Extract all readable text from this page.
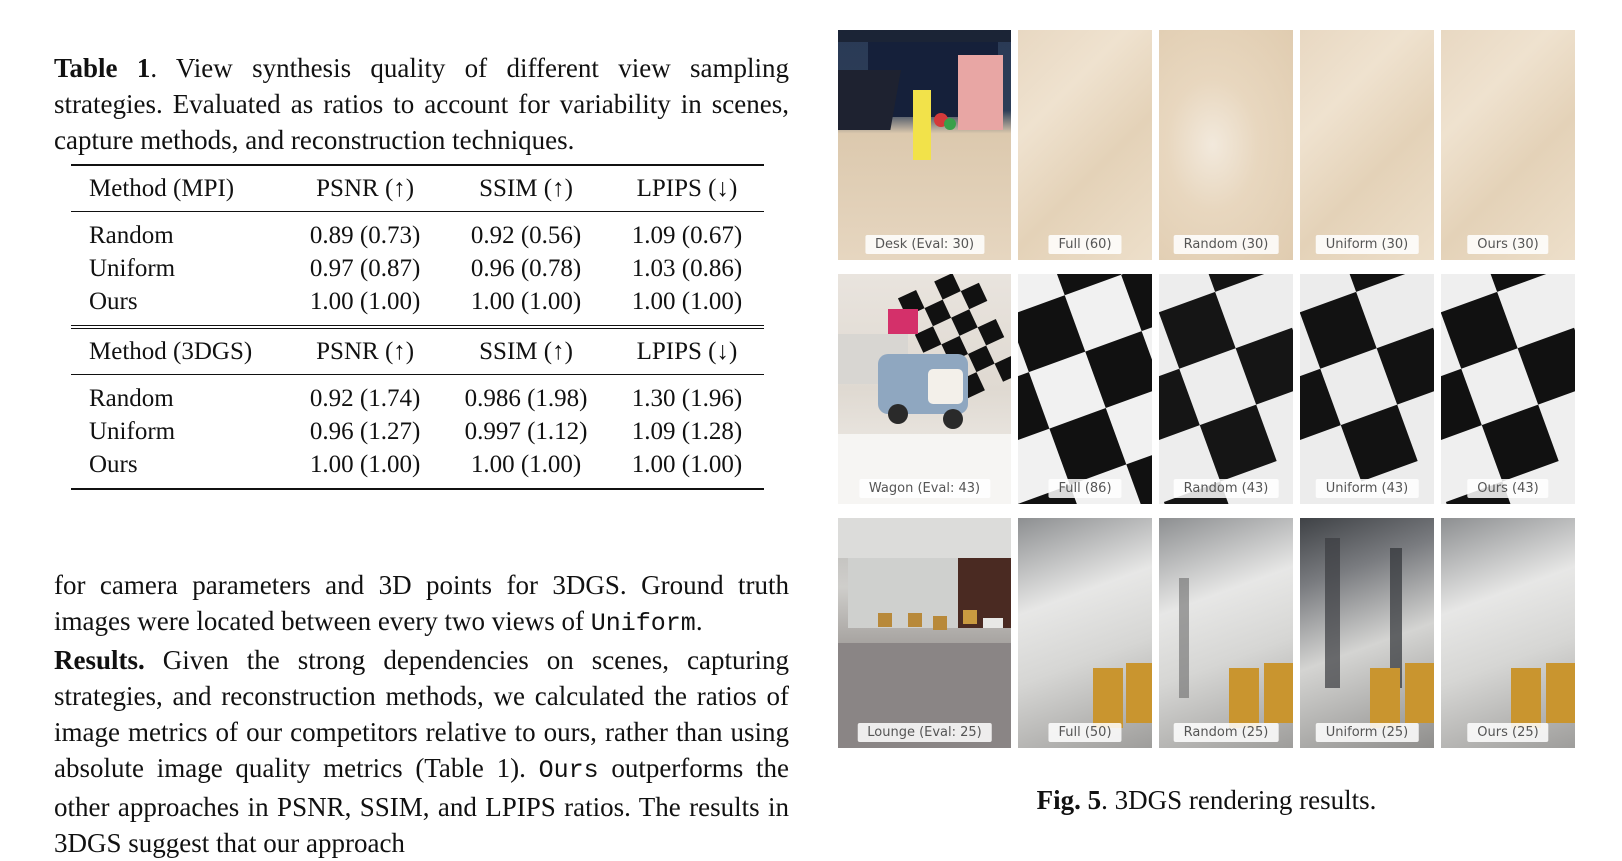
Table 1. View synthesis quality of different view sampling strategies. Evaluated as ratios to account for variability in scenes, capture methods, and reconstruction techniques.

Method (MPI)	PSNR (↑)	SSIM (↑)	LPIPS (↓)

Random	0.89 (0.73)	0.92 (0.56)	1.09 (0.67)
Uniform	0.97 (0.87)	0.96 (0.78)	1.03 (0.86)
Ours	1.00 (1.00)	1.00 (1.00)	1.00 (1.00)

Method (3DGS)	PSNR (↑)	SSIM (↑)	LPIPS (↓)

Random	0.92 (1.74)	0.986 (1.98)	1.30 (1.96)
Uniform	0.96 (1.27)	0.997 (1.12)	1.09 (1.28)
Ours	1.00 (1.00)	1.00 (1.00)	1.00 (1.00)

for camera parameters and 3D points for 3DGS. Ground truth images were located between every two views of Uniform.
Results. Given the strong dependencies on scenes, capturing strategies, and reconstruction methods, we calculated the ratios of image metrics of our competitors relative to ours, rather than using absolute image quality metrics (Table 1). Ours outperforms the other approaches in PSNR, SSIM, and LPIPS ratios. The results in 3DGS suggest that our approach

Desk (Eval: 30)	Full (60)	Random (30)	Uniform (30)	Ours (30)
Wagon (Eval: 43)	Full (86)	Random (43)	Uniform (43)	Ours (43)
Lounge (Eval: 25)	Full (50)	Random (25)	Uniform (25)	Ours (25)

Fig. 5. 3DGS rendering results.
